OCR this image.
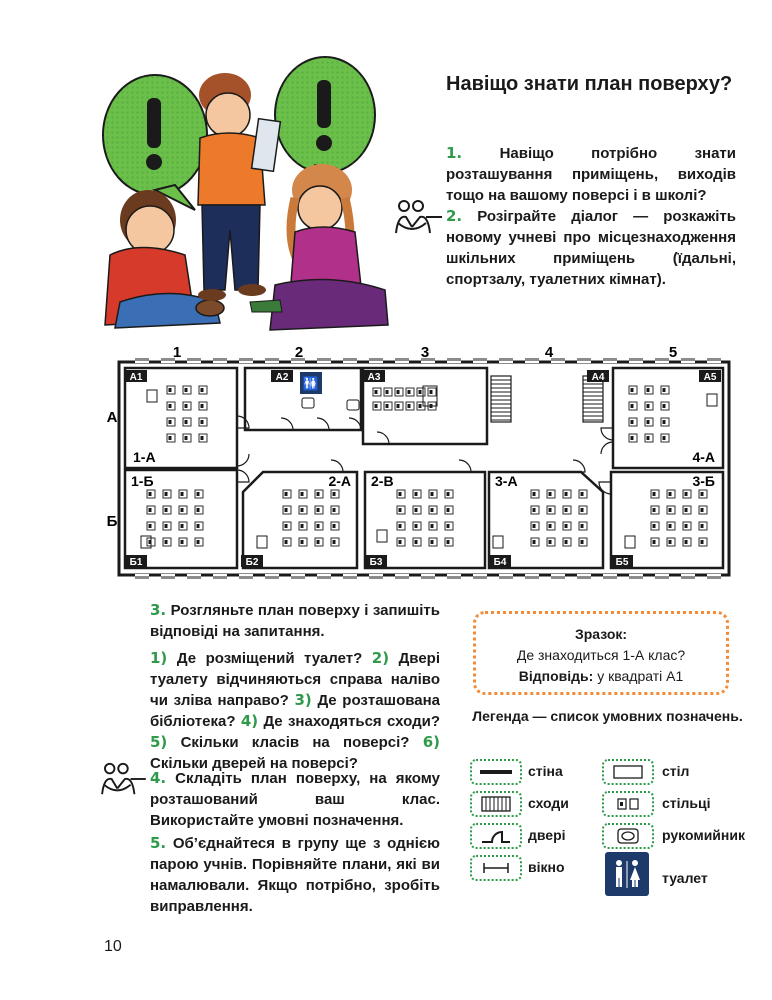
Навіщо знати план поверху?
1. Навіщо потрібно знати розташування приміщень, виходів тощо на вашому поверсі і в школі?
2. Розіграйте діалог — розкажіть новому учневі про місцезнаходження шкільних приміщень (їдальні, спортзалу, туалетних кімнат).
1	2	3	4	5
А
Б
🚻
А1	А2	А3	А4	А5
Б1	Б2	Б3	Б4	Б5
1-А	4-А
1-Б	2-А 2-В	3-А	3-Б
3. Розгляньте план поверху і запишіть відповіді на запитання.
1) Де розміщений туалет? 2) Двері туалету відчиняються справа наліво чи зліва направо? 3) Де розташована бібліотека? 4) Де знаходяться сходи? 5) Скільки класів на поверсі? 6) Скільки дверей на поверсі?
4. Складіть план поверху, на якому розташований ваш клас. Використайте умовні позначення.
5. Об’єднайтеся в групу ще з однією парою учнів. Порівняйте плани, які ви намалювали. Якщо потрібно, зробіть виправлення.
Зразок:
Де знаходиться 1-А клас?
Відповідь: у квадраті А1
Легенда — список умовних позначень.
стіна
сходи
двері
вікно
стіл
стільці
рукомийник
туалет
10
